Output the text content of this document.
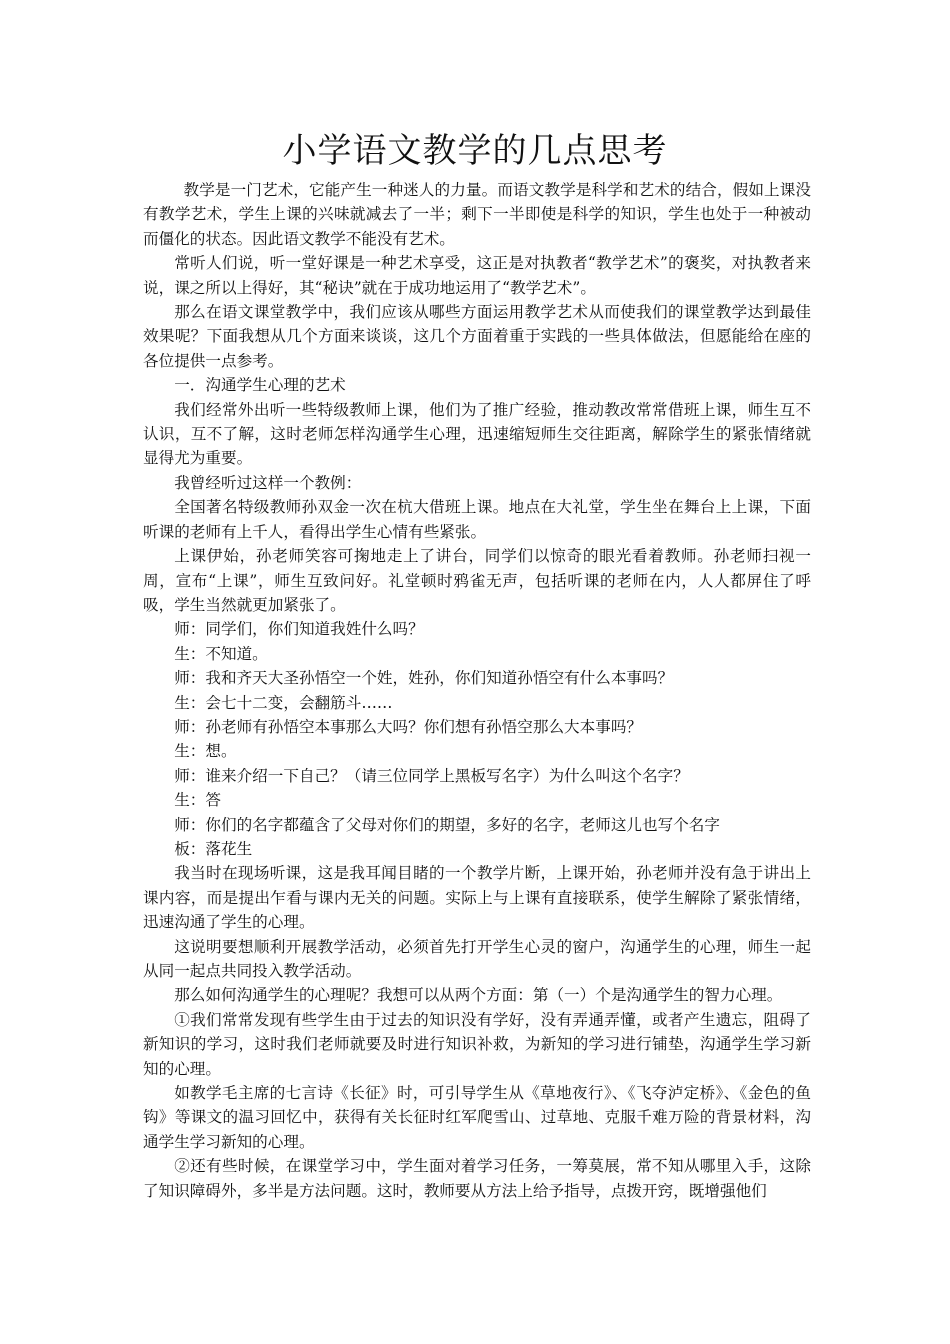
小学语文教学的几点思考

教学是一门艺术，它能产生一种迷人的力量。而语文教学是科学和艺术的结合，假如上课没有教学艺术，学生上课的兴味就减去了一半；剩下一半即使是科学的知识，学生也处于一种被动而僵化的状态。因此语文教学不能没有艺术。

常听人们说，听一堂好课是一种艺术享受，这正是对执教者“教学艺术”的褒奖，对执教者来说，课之所以上得好，其“秘诀”就在于成功地运用了“教学艺术”。

那么在语文课堂教学中，我们应该从哪些方面运用教学艺术从而使我们的课堂教学达到最佳效果呢？下面我想从几个方面来谈谈，这几个方面着重于实践的一些具体做法，但愿能给在座的各位提供一点参考。

一．沟通学生心理的艺术

我们经常外出听一些特级教师上课，他们为了推广经验，推动教改常常借班上课，师生互不认识，互不了解，这时老师怎样沟通学生心理，迅速缩短师生交往距离，解除学生的紧张情绪就显得尤为重要。

我曾经听过这样一个教例：

全国著名特级教师孙双金一次在杭大借班上课。地点在大礼堂，学生坐在舞台上上课，下面听课的老师有上千人，看得出学生心情有些紧张。

上课伊始，孙老师笑容可掬地走上了讲台，同学们以惊奇的眼光看着教师。孙老师扫视一周，宣布“上课”，师生互致问好。礼堂顿时鸦雀无声，包括听课的老师在内，人人都屏住了呼吸，学生当然就更加紧张了。

师：同学们，你们知道我姓什么吗？

生：不知道。

师：我和齐天大圣孙悟空一个姓，姓孙，你们知道孙悟空有什么本事吗？

生：会七十二变，会翻筋斗……

师：孙老师有孙悟空本事那么大吗？你们想有孙悟空那么大本事吗？

生：想。

师：谁来介绍一下自己？（请三位同学上黑板写名字）为什么叫这个名字？

生：答

师：你们的名字都蕴含了父母对你们的期望，多好的名字，老师这儿也写个名字

板：落花生

我当时在现场听课，这是我耳闻目睹的一个教学片断，上课开始，孙老师并没有急于讲出上课内容，而是提出乍看与课内无关的问题。实际上与上课有直接联系，使学生解除了紧张情绪，迅速沟通了学生的心理。

这说明要想顺利开展教学活动，必须首先打开学生心灵的窗户，沟通学生的心理，师生一起从同一起点共同投入教学活动。

那么如何沟通学生的心理呢？我想可以从两个方面：第（一）个是沟通学生的智力心理。

①我们常常发现有些学生由于过去的知识没有学好，没有弄通弄懂，或者产生遗忘，阻碍了新知识的学习，这时我们老师就要及时进行知识补救，为新知的学习进行铺垫，沟通学生学习新知的心理。

如教学毛主席的七言诗《长征》时，可引导学生从《草地夜行》、《飞夺泸定桥》、《金色的鱼钩》等课文的温习回忆中，获得有关长征时红军爬雪山、过草地、克服千难万险的背景材料，沟通学生学习新知的心理。

②还有些时候，在课堂学习中，学生面对着学习任务，一筹莫展，常不知从哪里入手，这除了知识障碍外，多半是方法问题。这时，教师要从方法上给予指导，点拨开窍，既增强他们
